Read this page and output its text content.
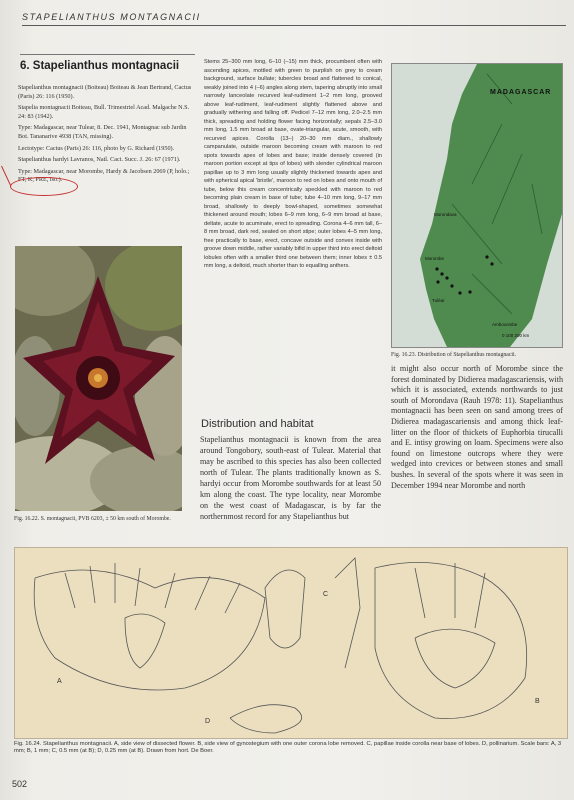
STAPELIANTHUS MONTAGNACII
6. Stapelianthus montagnacii

Stapelianthus montagnacii (Boiteau) Boiteau & Jean Bertrand, Cactus (Paris) 26: 116 (1950).

Stapelia montagnacii Boiteau, Bull. Trimestriel Acad. Malgache N.S. 24: 83 (1942).

Type: Madagascar, near Tulear, 8. Dec. 1941, Montagnac sub Jardin Bot. Tananarive 4938 (TAN, missing).

Lectotype: Cactus (Paris) 26: 116, photo by G. Richard (1950).

Stapelianthus hardyi Lavranos, Natl. Cact. Succ. J. 26: 67 (1971).

Type: Madagascar, near Morombe, Hardy & Jacobsen 2069 (P, holo.; FT, K, PRE, iso.).

Fig. 16.22. S. montagnacii, PVB 6203, ± 50 km south of Morombe.
Stems 25–300 mm long, 6–10 (–15) mm thick, procumbent often with ascending apices, mottled with green to purplish on grey to cream background, surface bullate; tubercles broad and flattened to conical, weakly joined into 4 (–6) angles along stem, tapering abruptly into small narrowly lanceolate recurved leaf-rudiment 1–2 mm long, grooved above leaf-rudiment, leaf-rudiment slightly flattened above and gradually withering and falling off. Pedicel 7–12 mm long, 2.0–2.5 mm thick, spreading and holding flower facing horizontally; sepals 2.5–3.0 mm long, 1.5 mm broad at base, ovate-triangular, acute, smooth, with recurved apices. Corolla (13–) 20–30 mm diam., shallowly campanulate, outside maroon becoming cream with maroon to red spots towards apex of lobes and base; inside densely covered (in maroon portion except at tips of lobes) with slender cylindrical maroon papillae up to 3 mm long usually slightly thickened towards apex and with spherical apical 'bristle', maroon to red on lobes and onto mouth of tube, below this cream concentrically speckled with maroon to red becoming plain cream in base of tube; tube 4–10 mm long, 9–17 mm broad, shallowly to deeply bowl-shaped, sometimes somewhat thickened around mouth; lobes 6–9 mm long, 6–9 mm broad at base, deltate, acute to acuminate, erect to spreading. Corona 4–6 mm tall, 6–8 mm broad, dark red, seated on short stipe; outer lobes 4–5 mm long, free practically to base, erect, concave outside and convex inside with groove down middle, rather variably bifid in upper third into erect deltoid lobules often with a smaller third one between them; inner lobes ± 0.5 mm long, a deltoid, much shorter than to equalling anthers.
Distribution and habitat
Stapelianthus montagnacii is known from the area around Tongobory, south-east of Tulear. Material that may be ascribed to this species has also been collected north of Tulear. The plants traditionally known as S. hardyi occur from Morombe southwards for at least 50 km along the coast. The type locality, near Morombe on the west coast of Madagascar, is by far the northernmost record for any Stapelianthus but
MADAGASCAR
Morondava
Morombe
Tuléar
Ambovombe
0 100 200 km
Fig. 16.23. Distribution of Stapelianthus montagnacii.
it might also occur north of Morombe since the forest dominated by Didierea madagascariensis, with which it is associated, extends northwards to just south of Morondava (Rauh 1978: 11). Stapelianthus montagnacii has been seen on sand among trees of Didierea madagascariensis and among thick leaf-litter on the floor of thickets of Euphorbia tirucalli and E. intisy growing on loam. Specimens were also found on limestone outcrops where they were wedged into crevices or between stones and small bushes. In several of the spots where it was seen in December 1994 near Morombe and north
A
B
C
D
Fig. 16.24. Stapelianthus montagnacii. A, side view of dissected flower. B, side view of gynostegium with one outer corona lobe removed. C, papillae inside corolla near base of lobes. D, pollinarium. Scale bars: A, 3 mm; B, 1 mm; C, 0.5 mm (at B); D, 0.25 mm (at B). Drawn from hort. De Boer.
502
